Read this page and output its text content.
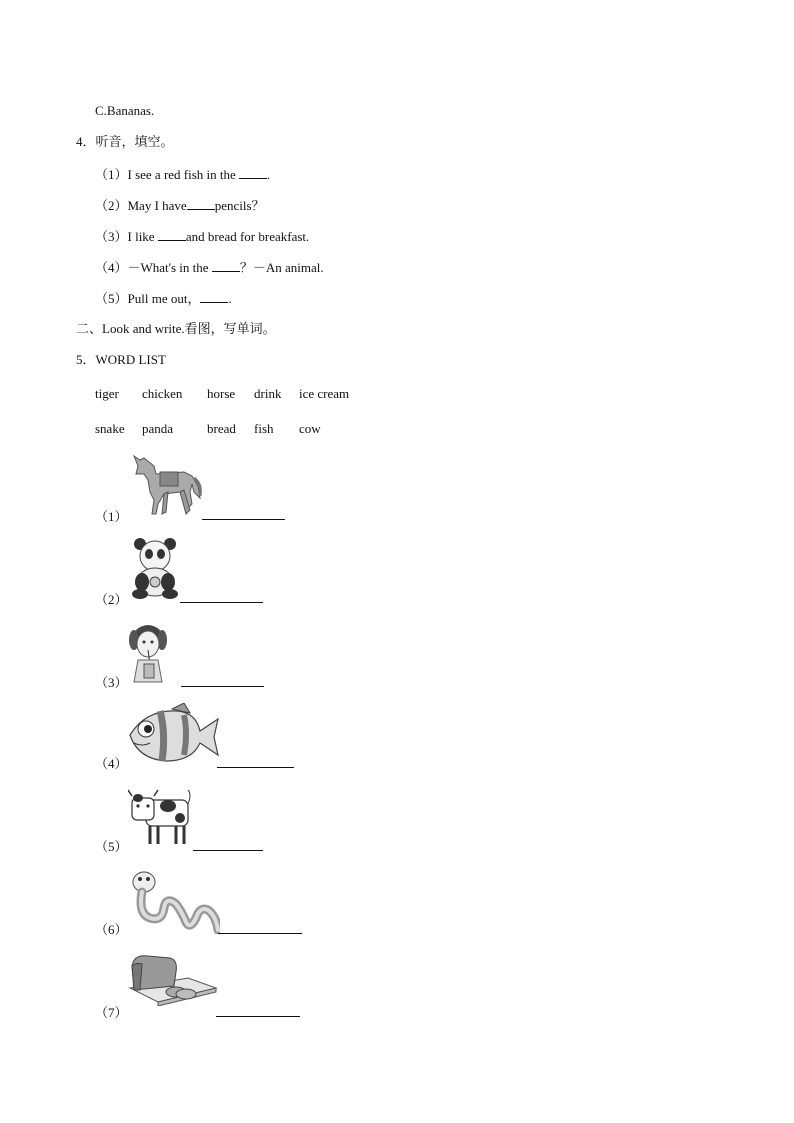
C.Bananas.
4．听音，填空。
（1）I see a red fish in the .
（2）May I have pencils？
（3）I like and bread for breakfast.
（4）－What's in the ？－An animal.
（5）Pull me out， .
二、Look and write.看图，写单词。
5．WORD LIST
tiger chicken horse drink ice cream
snake panda	bread fish cow
（1）
（2）
（3）
（4）
（5）
（6）
（7）
